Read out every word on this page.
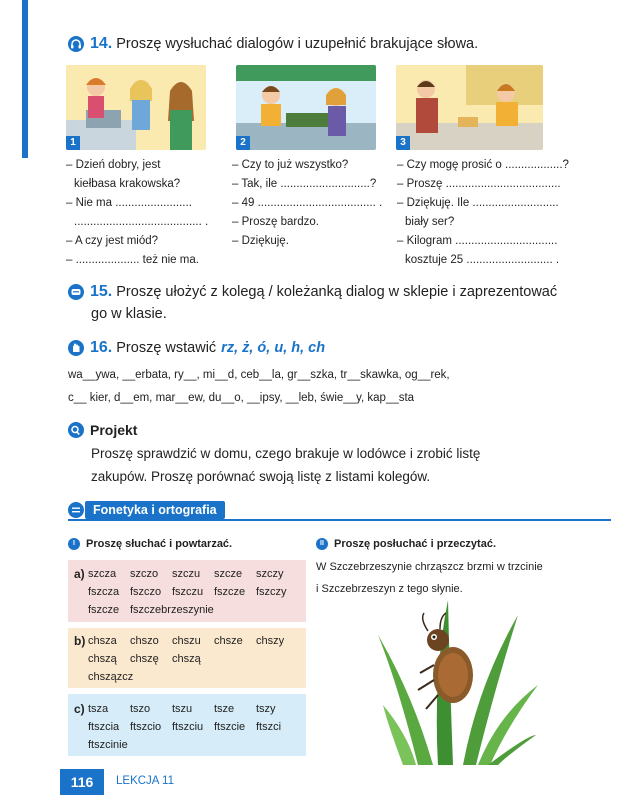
14. Proszę wysłuchać dialogów i uzupełnić brakujące słowa.
1	2	3
– Dzień dobry, jest
kiełbasa krakowska?
– Nie ma ........................
........................................ .
– A czy jest miód?
– .................... też nie ma.
– Czy to już wszystko?
– Tak, ile ............................?
– 49 ..................................... .
– Proszę bardzo.
– Dziękuję.
– Czy mogę prosić o ..................?
– Proszę ....................................
– Dziękuję. Ile ...........................
biały ser?
– Kilogram ................................
kosztuje 25 ........................... .
15. Proszę ułożyć z kolegą / koleżanką dialog w sklepie i zaprezentować
go w klasie.
16. Proszę wstawić rz, ż, ó, u, h, ch
wa__ywa, __erbata, ry__, mi__d, ceb__la, gr__szka, tr__skawka, og__rek,
c__ kier, d__em, mar__ew, du__o, __ipsy, __leb, świe__y, kap__sta
Projekt
Proszę sprawdzić w domu, czego brakuje w lodówce i zrobić listę
zakupów. Proszę porównać swoją listę z listami kolegów.
Fonetyka i ortografia
I	Proszę słuchać i powtarzać.
a) szcza	szczo	szczu	szcze	szczy
fszcza fszczo fszczu fszcze fszczy
fszcze fszczebrzeszynie
b) chsza	chszo	chszu	chsze	chszy
chszą	chszę	chszą
chszązcz
c) tsza	tszo	tszu	tsze	tszy
ftszcia ftszcio ftszciu ftszcie ftszci
ftszcinie
II Proszę posłuchać i przeczytać.
W Szczebrzeszynie chrząszcz brzmi w trzcinie
i Szczebrzeszyn z tego słynie.
116	LEKCJA 11
